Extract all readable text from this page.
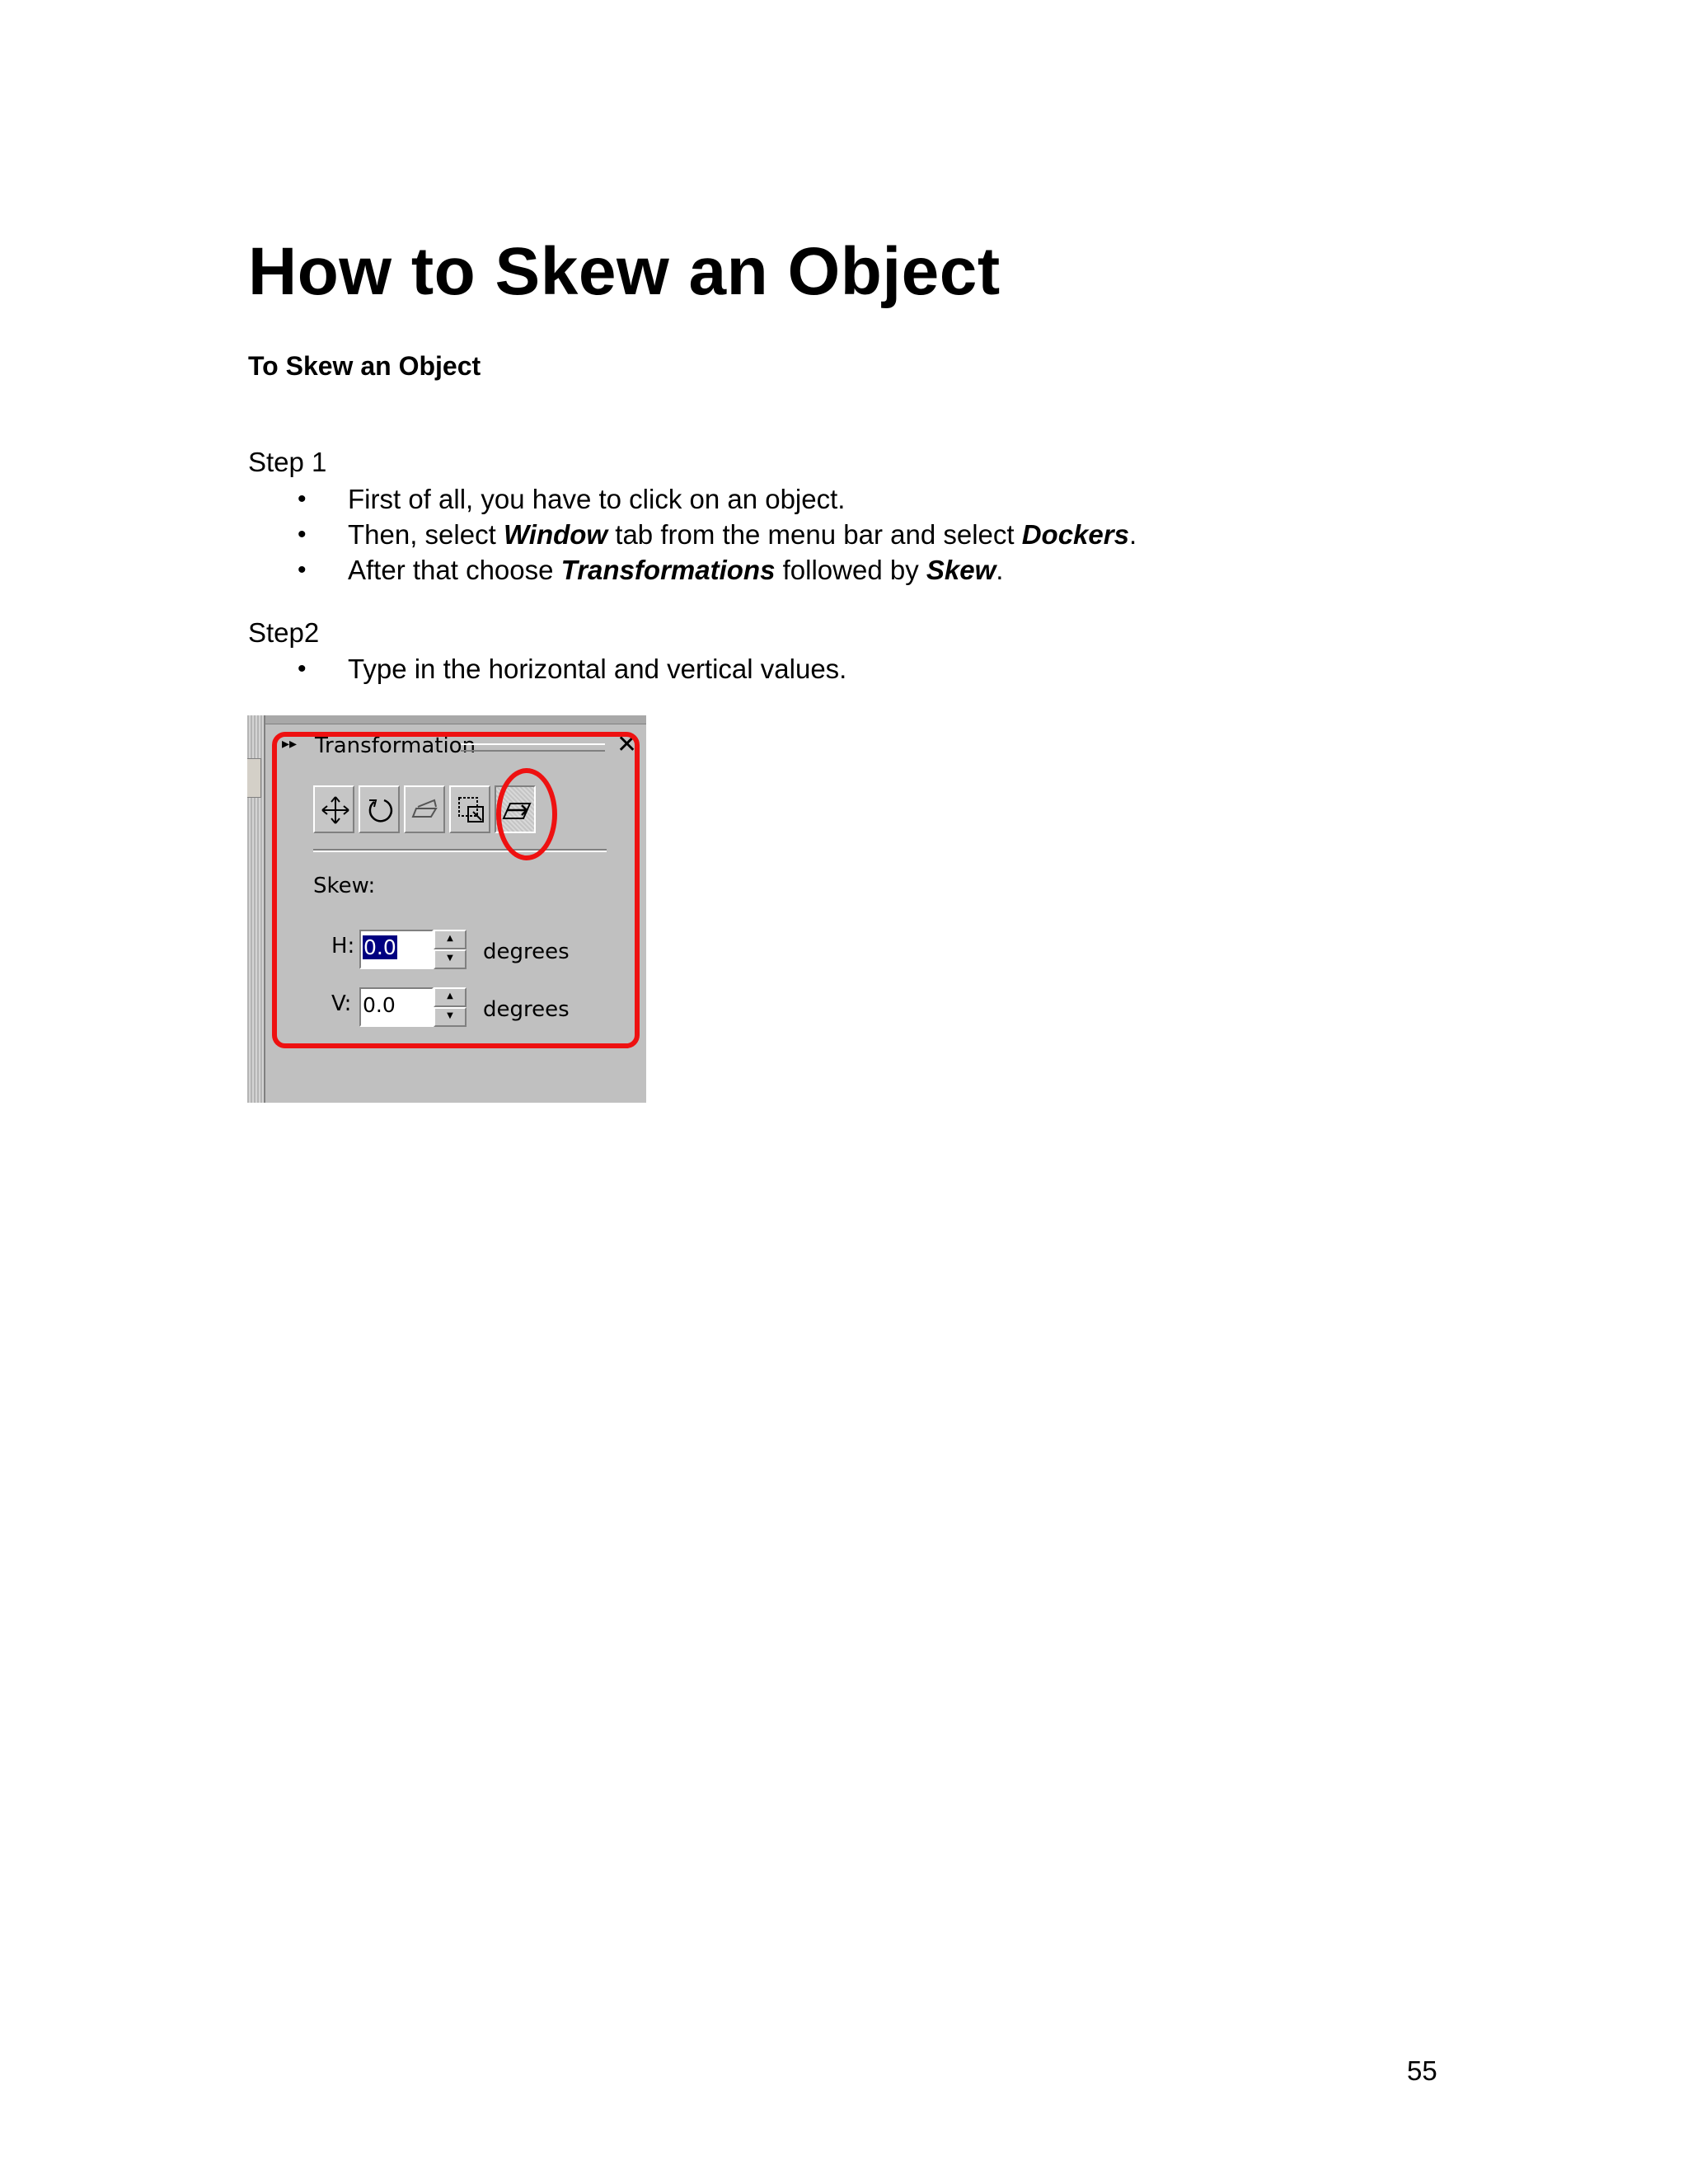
How to Skew an Object
To Skew an Object
Step 1
• First of all, you have to click on an object.
• Then, select Window tab from the menu bar and select Dockers.
• After that choose Transformations followed by Skew.
Step2
• Type in the horizontal and vertical values.
▸▸ Transformation	✕
Skew:
H: 0.0	▲
▼	degrees
V: 0.0	▲
▼	degrees
55
